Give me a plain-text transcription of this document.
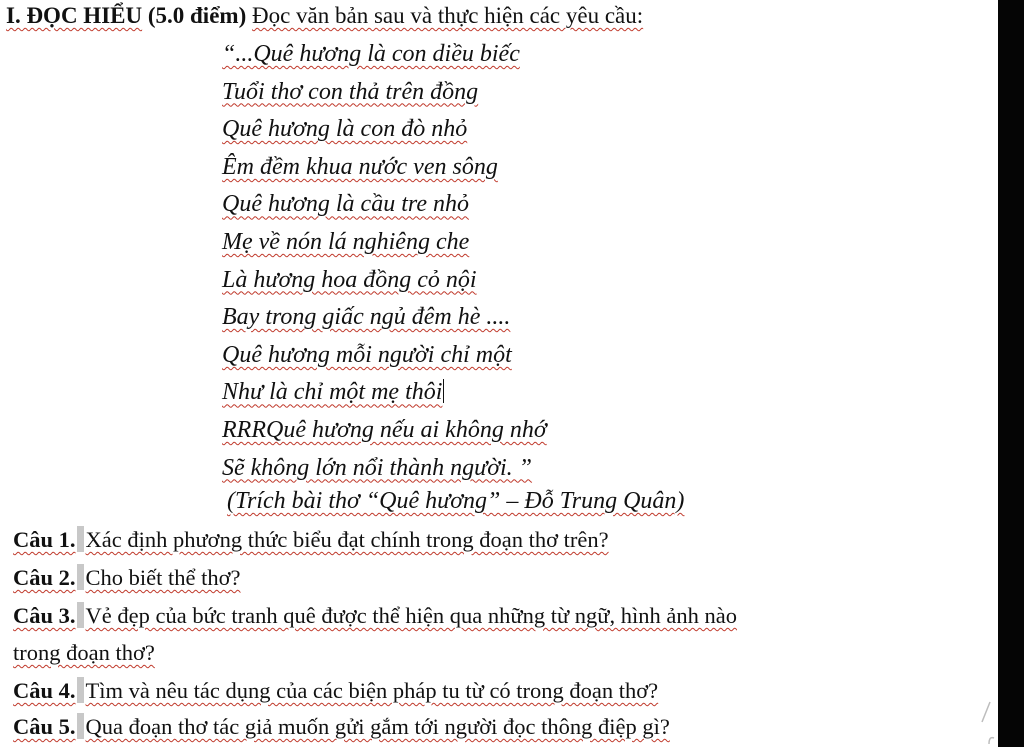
I. ĐỌC HIỂU (5.0 điểm) Đọc văn bản sau và thực hiện các yêu cầu:
“...Quê hương là con diều biếc
Tuổi thơ con thả trên đồng
Quê hương là con đò nhỏ
Êm đềm khua nước ven sông
Quê hương là cầu tre nhỏ
Mẹ về nón lá nghiêng che
Là hương hoa đồng cỏ nội
Bay trong giấc ngủ đêm hè ....
Quê hương mỗi người chỉ một
Như là chỉ một mẹ thôi
RRRQuê hương nếu ai không nhớ
Sẽ không lớn nổi thành người. ”
(Trích bài thơ “Quê hương” – Đỗ Trung Quân)
Câu 1. Xác định phương thức biểu đạt chính trong đoạn thơ trên?
Câu 2. Cho biết thể thơ?
Câu 3. Vẻ đẹp của bức tranh quê được thể hiện qua những từ ngữ, hình ảnh nào
trong đoạn thơ?
Câu 4. Tìm và nêu tác dụng của các biện pháp tu từ có trong đoạn thơ?
Câu 5. Qua đoạn thơ tác giả muốn gửi gắm tới người đọc thông điệp gì?
